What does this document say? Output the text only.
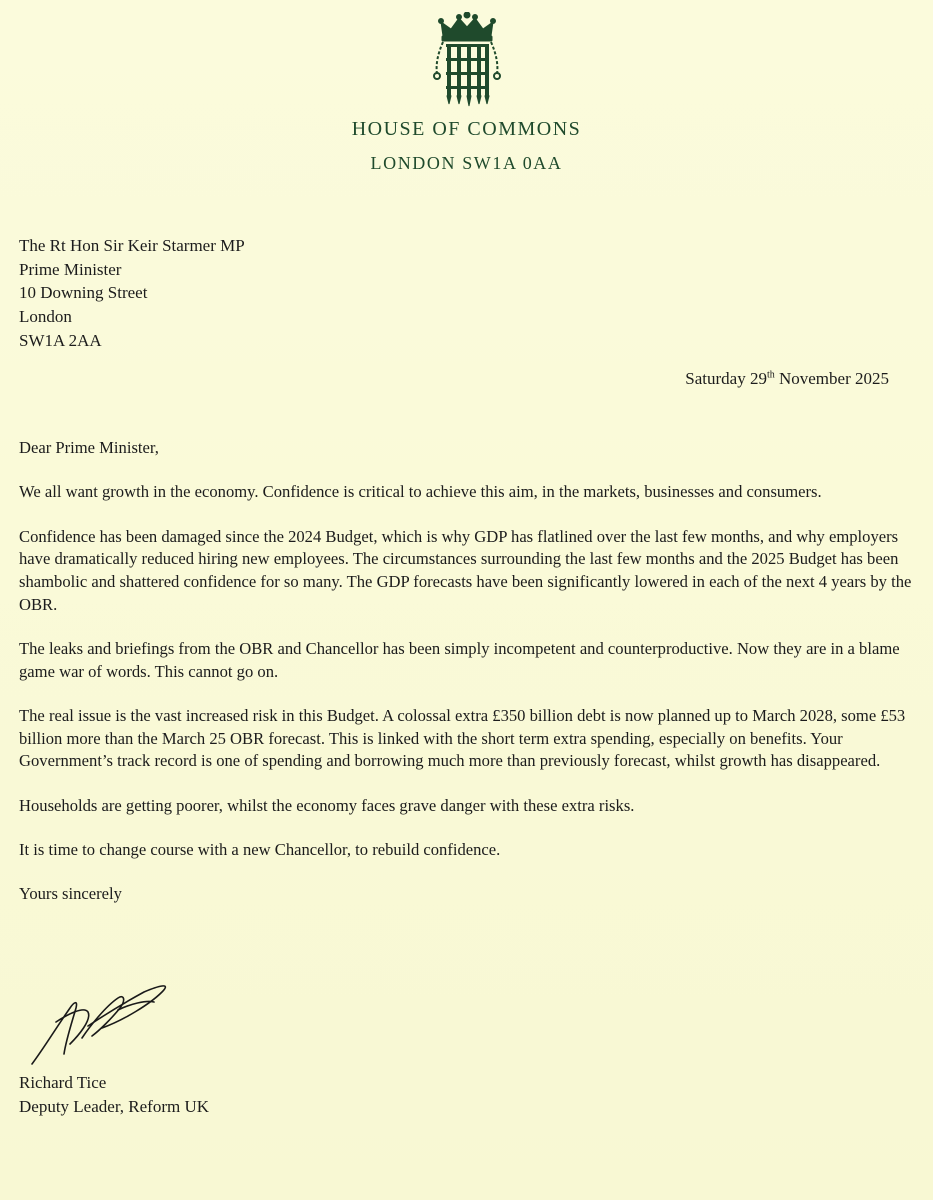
HOUSE OF COMMONS
LONDON SW1A 0AA
The Rt Hon Sir Keir Starmer MP
Prime Minister
10 Downing Street
London
SW1A 2AA
Saturday 29th November 2025

Dear Prime Minister,

We all want growth in the economy. Confidence is critical to achieve this aim, in the markets, businesses and consumers.

Confidence has been damaged since the 2024 Budget, which is why GDP has flatlined over the last few months, and why employers have dramatically reduced hiring new employees. The circumstances surrounding the last few months and the 2025 Budget has been shambolic and shattered confidence for so many. The GDP forecasts have been significantly lowered in each of the next 4 years by the OBR.

The leaks and briefings from the OBR and Chancellor has been simply incompetent and counterproductive. Now they are in a blame game war of words. This cannot go on.

The real issue is the vast increased risk in this Budget. A colossal extra £350 billion debt is now planned up to March 2028, some £53 billion more than the March 25 OBR forecast. This is linked with the short term extra spending, especially on benefits. Your Government’s track record is one of spending and borrowing much more than previously forecast, whilst growth has disappeared.

Households are getting poorer, whilst the economy faces grave danger with these extra risks.

It is time to change course with a new Chancellor, to rebuild confidence.

Yours sincerely

Richard Tice
Deputy Leader, Reform UK
